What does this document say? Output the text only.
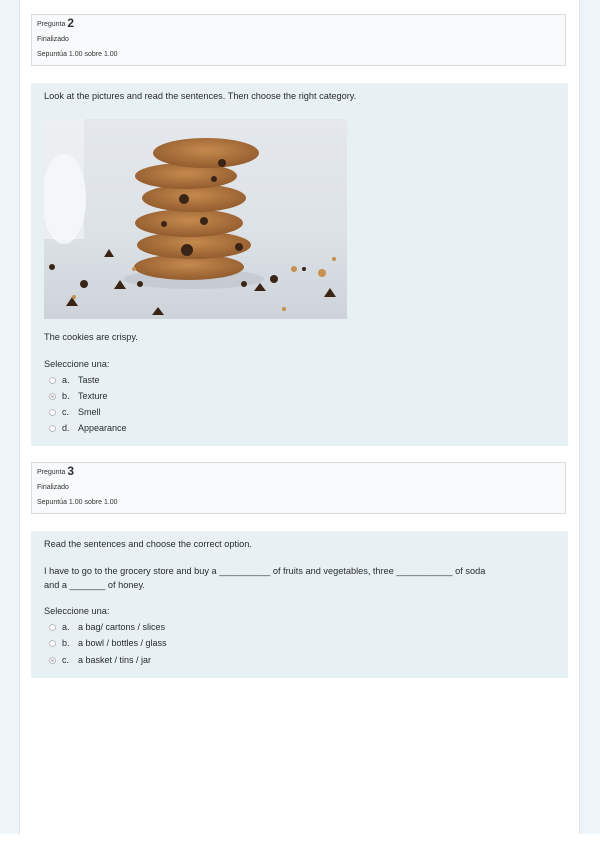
Pregunta 2
Finalizado
Sepuntúa 1.00 sobre 1.00

Look at the pictures and read the sentences. Then choose the right category.

The cookies are crispy.

Seleccione una:

a. Taste
b. Texture
c. Smell
d. Appearance
Pregunta 3
Finalizado
Sepuntúa 1.00 sobre 1.00

Read the sentences and choose the correct option.

I have to go to the grocery store and buy a __________ of fruits and vegetables, three ___________ of soda

and a _______ of honey.

Seleccione una:

a. a bag/ cartons / slices
b. a bowl / bottles / glass
c. a basket / tins / jar
